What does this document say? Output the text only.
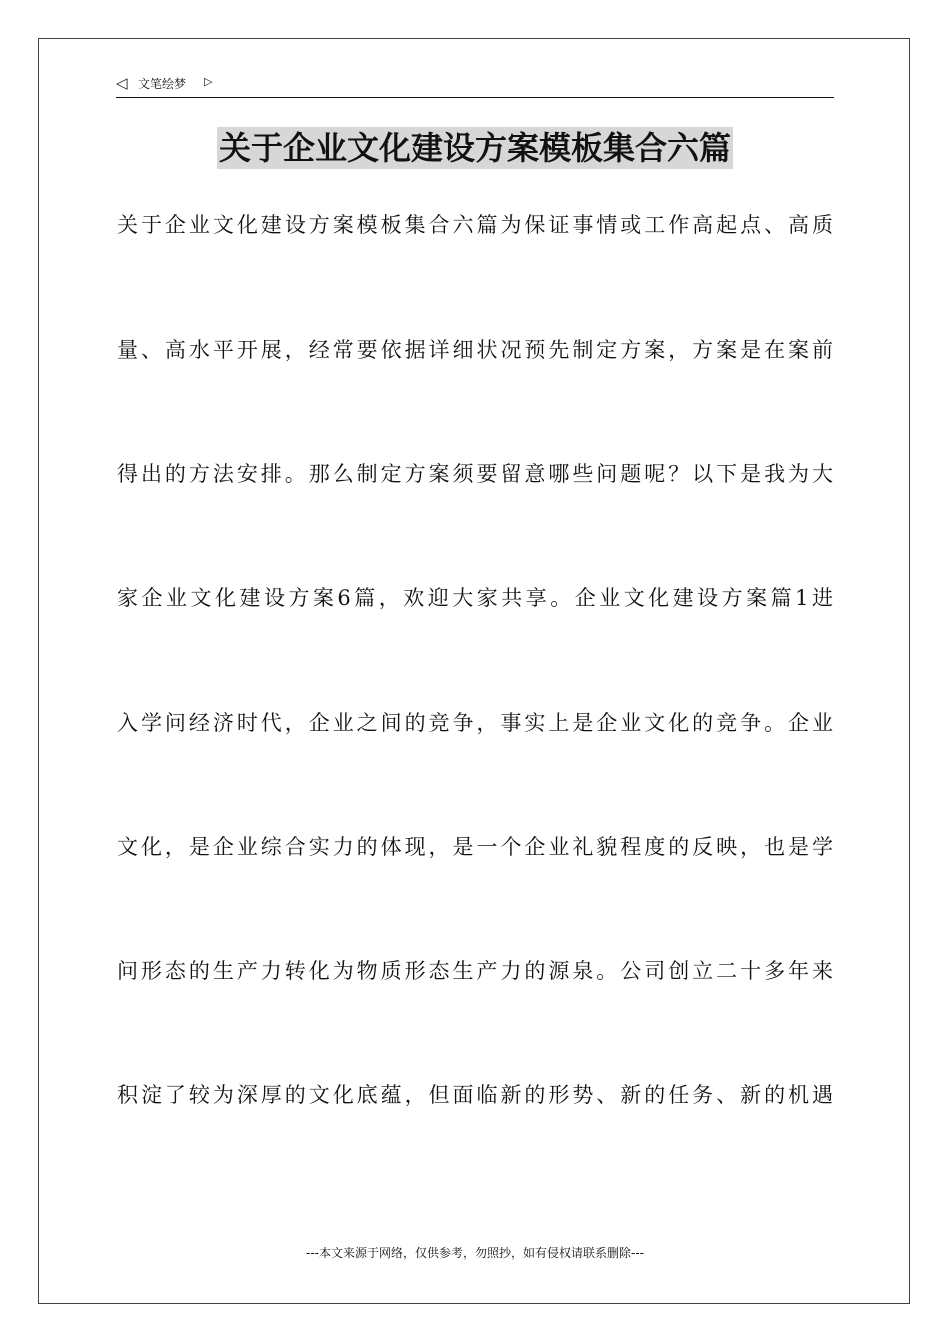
◁ 文笔绘梦 ▷
关于企业文化建设方案模板集合六篇
关于企业文化建设方案模板集合六篇为保证事情或工作高起点、高质
量、高水平开展，经常要依据详细状况预先制定方案，方案是在案前
得出的方法安排。那么制定方案须要留意哪些问题呢？以下是我为大
家企业文化建设方案6篇，欢迎大家共享。企业文化建设方案篇1进
入学问经济时代，企业之间的竞争，事实上是企业文化的竞争。企业
文化，是企业综合实力的体现，是一个企业礼貌程度的反映，也是学
问形态的生产力转化为物质形态生产力的源泉。公司创立二十多年来
积淀了较为深厚的文化底蕴，但面临新的形势、新的任务、新的机遇
---本文来源于网络，仅供参考，勿照抄，如有侵权请联系删除---
